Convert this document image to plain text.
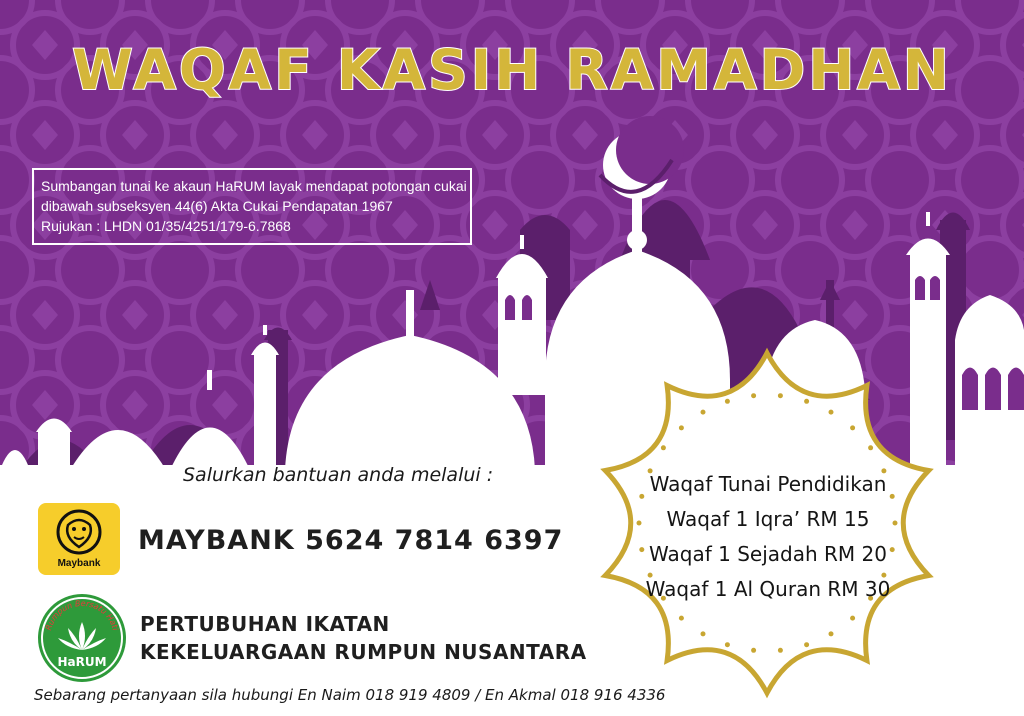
WAQAF KASIH RAMADHAN
Sumbangan tunai ke akaun HaRUM layak mendapat potongan cukai
dibawah subseksyen 44(6) Akta Cukai Pendapatan 1967
Rujukan : LHDN 01/35/4251/179-6.7868
Salurkan bantuan anda melalui :
Maybank
MAYBANK 5624 7814 6397
Rumpun Bersatu Hati
HaRUM
PERTUBUHAN IKATAN
KEKELUARGAAN RUMPUN NUSANTARA
Sebarang pertanyaan sila hubungi En Naim 018 919 4809 / En Akmal 018 916 4336
Waqaf Tunai Pendidikan
Waqaf 1 Iqra’ RM 15
Waqaf 1 Sejadah RM 20
Waqaf 1 Al Quran RM 30
